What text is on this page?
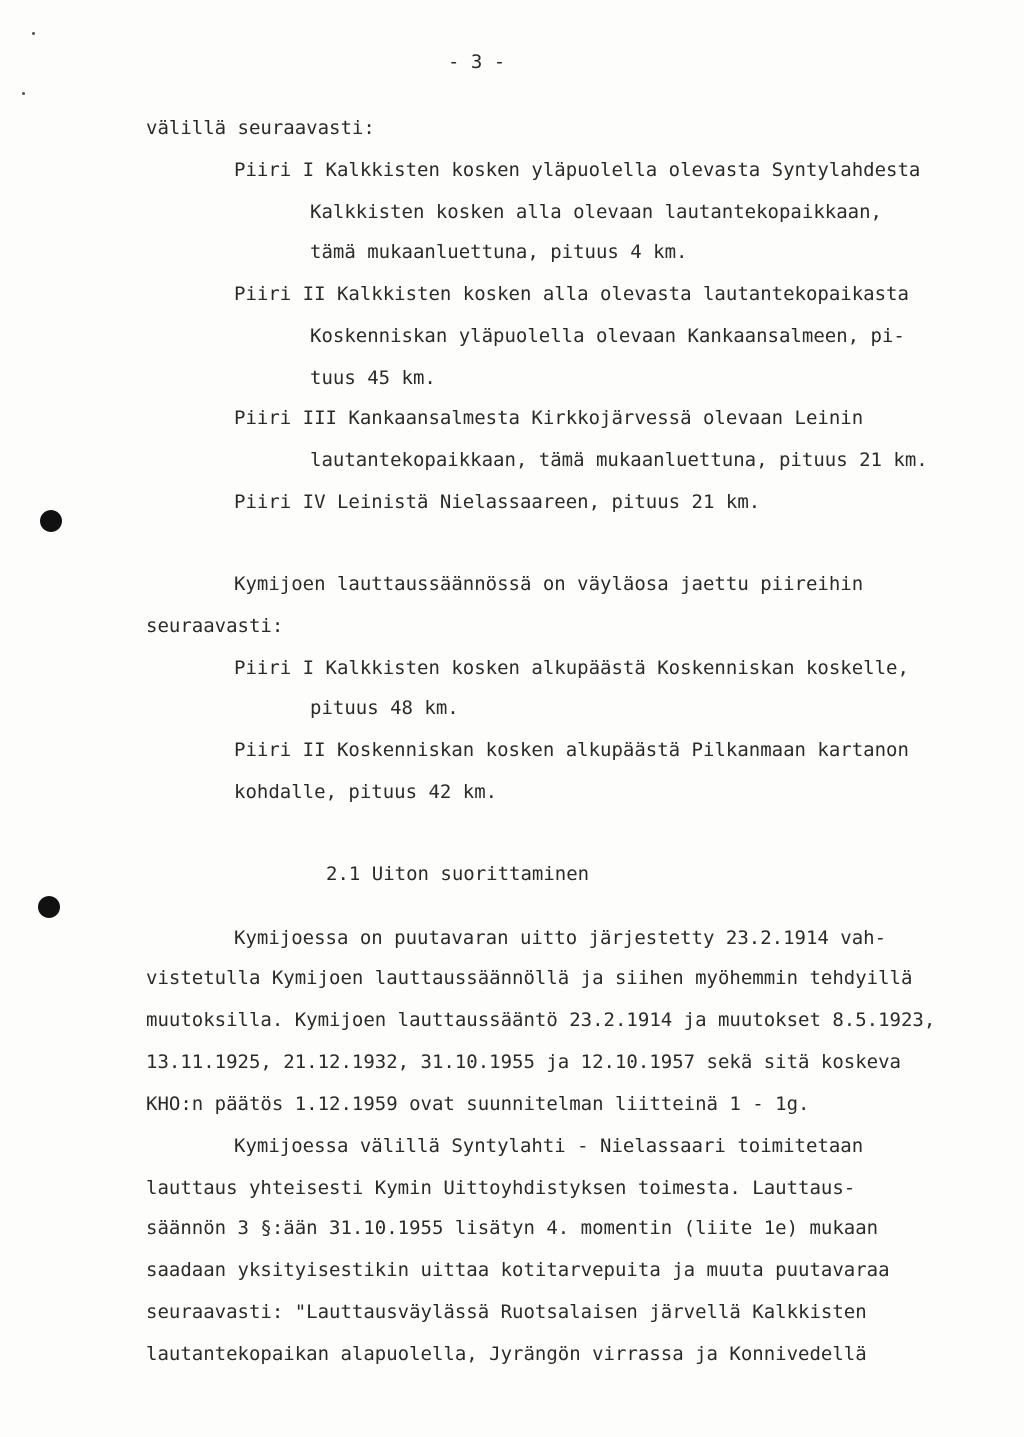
- 3 -
välillä seuraavasti:
Piiri I Kalkkisten kosken yläpuolella olevasta Syntylahdesta
Kalkkisten kosken alla olevaan lautantekopaikkaan,
tämä mukaanluettuna, pituus 4 km.
Piiri II Kalkkisten kosken alla olevasta lautantekopaikasta
Koskenniskan yläpuolella olevaan Kankaansalmeen, pi-
tuus 45 km.
Piiri III Kankaansalmesta Kirkkojärvessä olevaan Leinin
lautantekopaikkaan, tämä mukaanluettuna, pituus 21 km.
Piiri IV Leinistä Nielassaareen, pituus 21 km.
Kymijoen lauttaussäännössä on väyläosa jaettu piireihin
seuraavasti:
Piiri I Kalkkisten kosken alkupäästä Koskenniskan koskelle,
pituus 48 km.
Piiri II Koskenniskan kosken alkupäästä Pilkanmaan kartanon
kohdalle, pituus 42 km.
2.1 Uiton suorittaminen
Kymijoessa on puutavaran uitto järjestetty 23.2.1914 vah-
vistetulla Kymijoen lauttaussäännöllä ja siihen myöhemmin tehdyillä
muutoksilla. Kymijoen lauttaussääntö 23.2.1914 ja muutokset 8.5.1923,
13.11.1925, 21.12.1932, 31.10.1955 ja 12.10.1957 sekä sitä koskeva
KHO:n päätös 1.12.1959 ovat suunnitelman liitteinä 1 - 1g.
Kymijoessa välillä Syntylahti - Nielassaari toimitetaan
lauttaus yhteisesti Kymin Uittoyhdistyksen toimesta. Lauttaus-
säännön 3 §:ään 31.10.1955 lisätyn 4. momentin (liite 1e) mukaan
saadaan yksityisestikin uittaa kotitarvepuita ja muuta puutavaraa
seuraavasti: "Lauttausväylässä Ruotsalaisen järvellä Kalkkisten
lautantekopaikan alapuolella, Jyrängön virrassa ja Konnivedellä
